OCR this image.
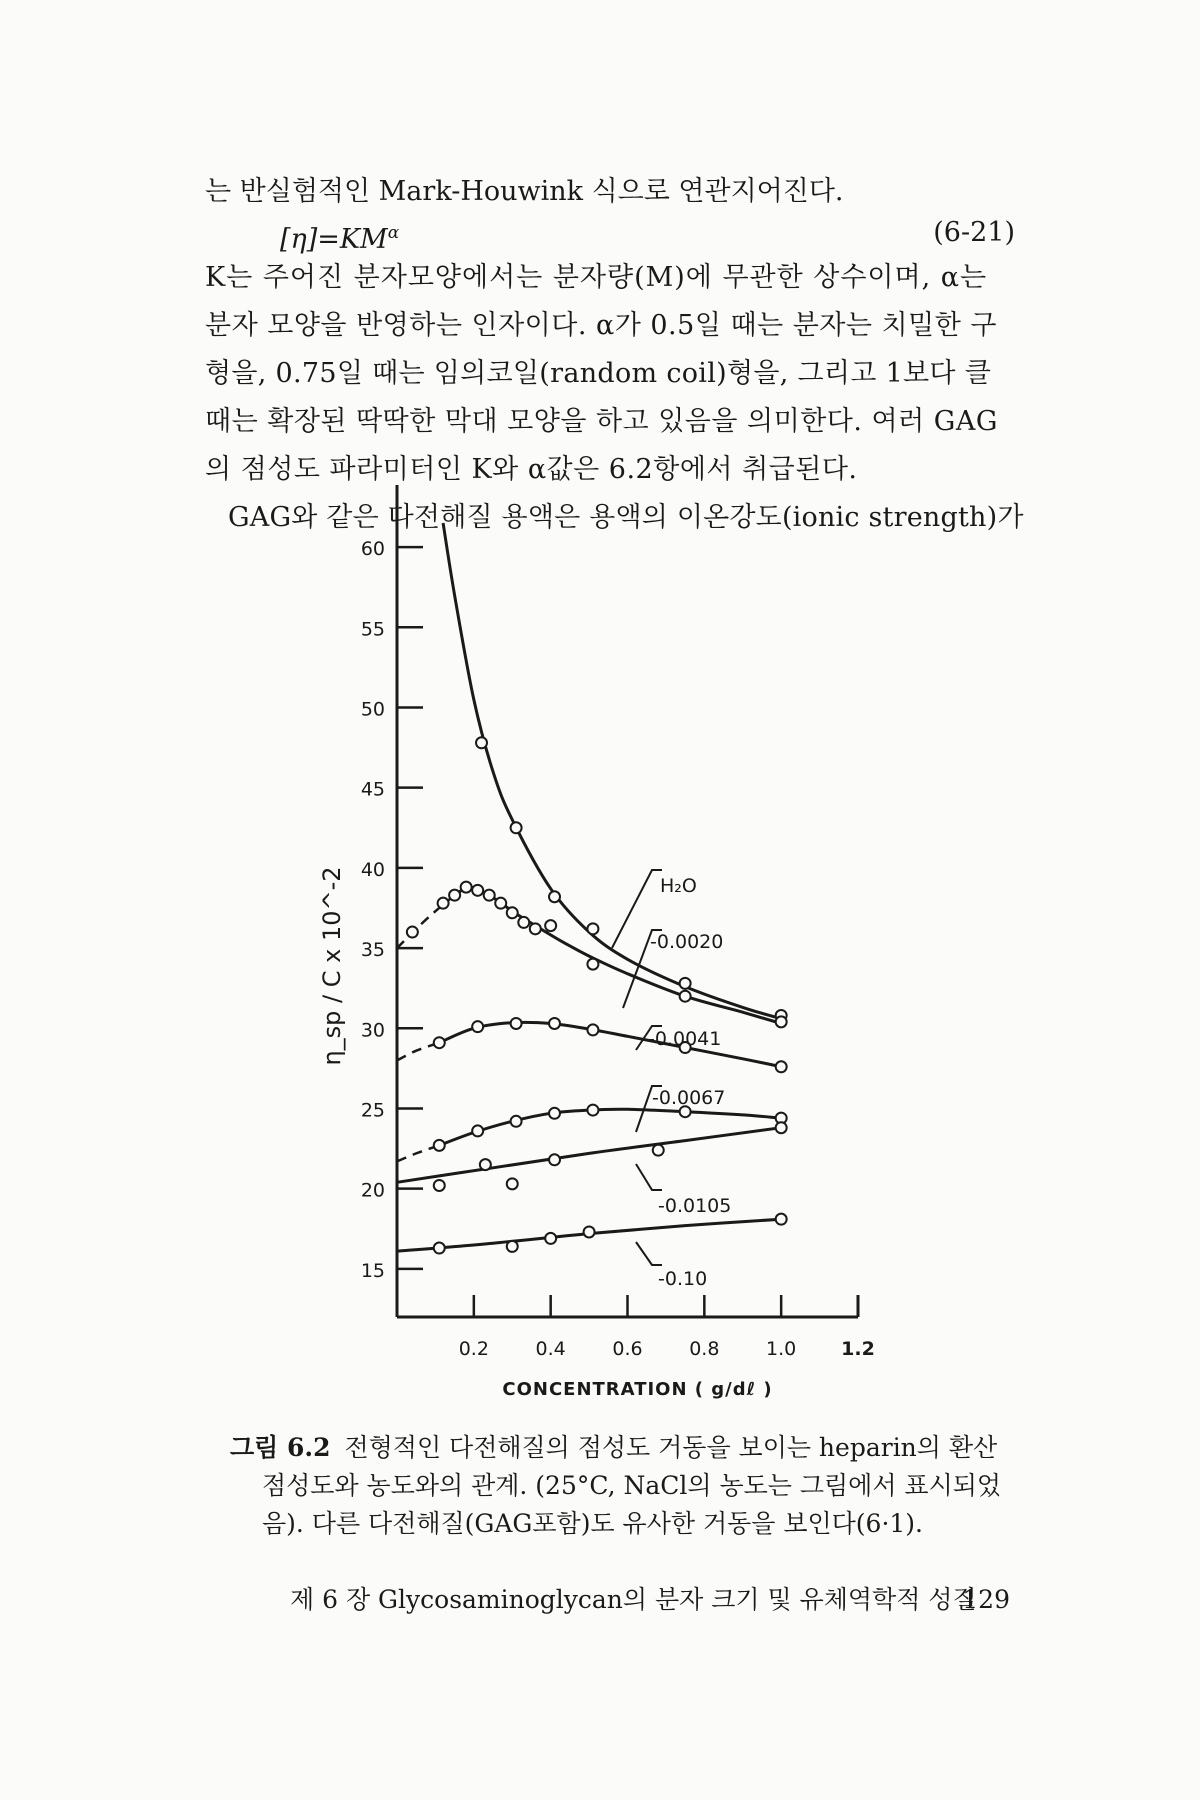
는 반실험적인 Mark-Houwink 식으로 연관지어진다.
$[\eta]=KM^\alpha$	(6-21)
K는 주어진 분자모양에서는 분자량(M)에 무관한 상수이며, α는
분자 모양을 반영하는 인자이다. α가 0.5일 때는 분자는 치밀한 구
형을, 0.75일 때는 임의코일(random coil)형을, 그리고 1보다 클
때는 확장된 딱딱한 막대 모양을 하고 있음을 의미한다. 여러 GAG
의 점성도 파라미터인 K와 α값은 6.2항에서 취급된다.
GAG와 같은 다전해질 용액은 용액의 이온강도(ionic strength)가
15
20
25
30
35
40
45
50
55
60
0.2 0.4 0.6 0.8 1.0 1.2
CONCENTRATION ( g/dℓ )
η_sp / C x 10^-2	H₂O
-0.0020
-0.0041
-0.0067
-0.0105
-0.10
그림 6.2 전형적인 다전해질의 점성도 거동을 보이는 heparin의 환산
점성도와 농도와의 관계. (25°C, NaCl의 농도는 그림에서 표시되었
음). 다른 다전해질(GAG포함)도 유사한 거동을 보인다(6·1).
제 6 장 Glycosaminoglycan의 분자 크기 및 유체역학적 성질
129
